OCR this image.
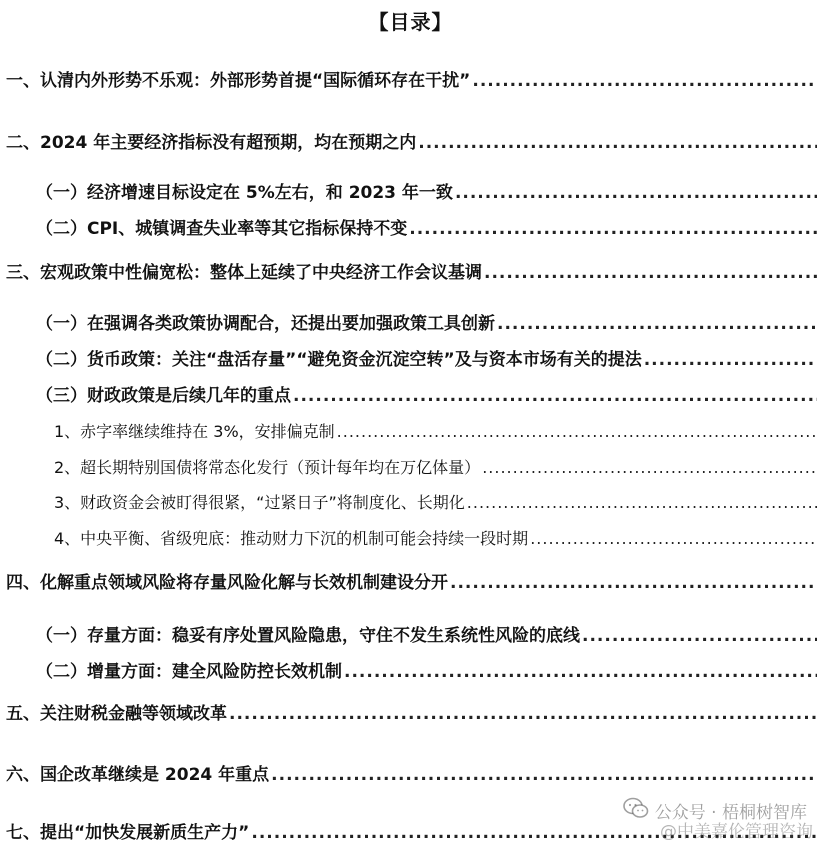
【目录】
一、认清内外形势不乐观：外部形势首提“国际循环存在干扰”
.....
二、2024 年主要经济指标没有超预期，均在预期之内
.....
（一）经济增速目标设定在 5%左右，和 2023 年一致
.....
（二）CPI、城镇调查失业率等其它指标保持不变
.....
三、宏观政策中性偏宽松：整体上延续了中央经济工作会议基调
.....
（一）在强调各类政策协调配合，还提出要加强政策工具创新
.....
（二）货币政策：关注“盘活存量”“避免资金沉淀空转”及与资本市场有关的提法
.....
（三）财政政策是后续几年的重点
.....
1、赤字率继续维持在 3%，安排偏克制
.....
2、超长期特别国债将常态化发行（预计每年均在万亿体量）
.....
3、财政资金会被盯得很紧，“过紧日子”将制度化、长期化
.....
4、中央平衡、省级兜底：推动财力下沉的机制可能会持续一段时期
.....
四、化解重点领域风险将存量风险化解与长效机制建设分开
.....
（一）存量方面：稳妥有序处置风险隐患，守住不发生系统性风险的底线
.....
（二）增量方面：建全风险防控长效机制
.....
五、关注财税金融等领域改革
.....
六、国企改革继续是 2024 年重点
.....
七、提出“加快发展新质生产力”
.....
公众号 · 梧桐树智库
@中美嘉伦管理咨询
